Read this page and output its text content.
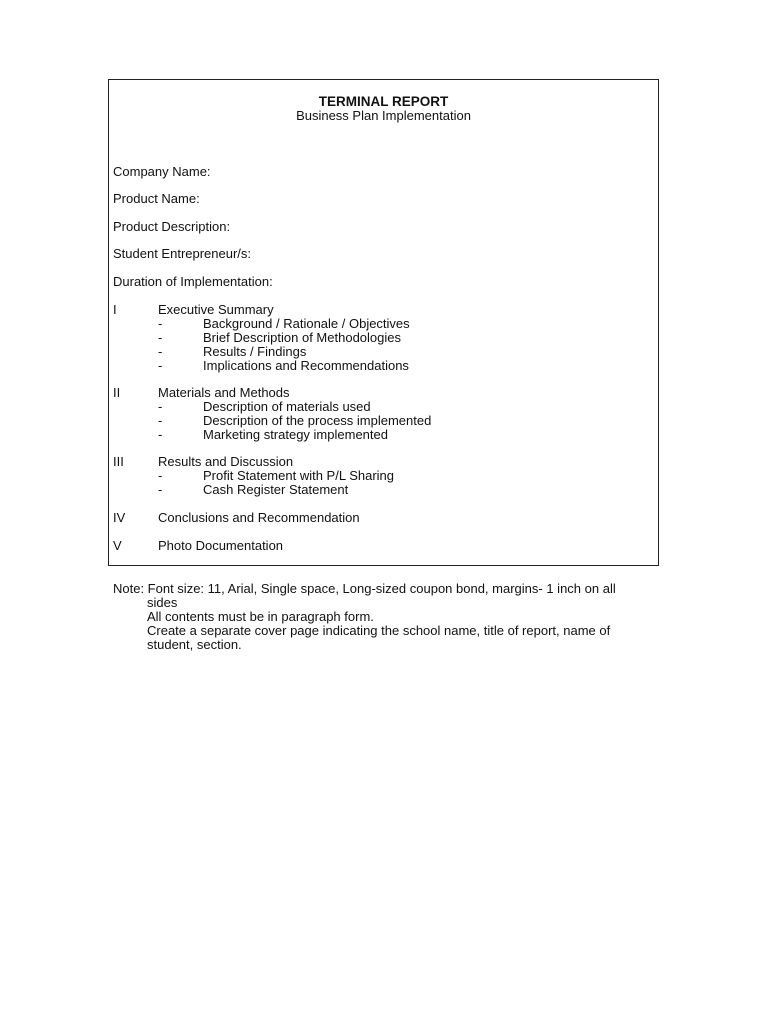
TERMINAL REPORT
Business Plan Implementation
Company Name:
Product Name:
Product Description:
Student Entrepreneur/s:
Duration of Implementation:
I	Executive Summary
-	Background / Rationale / Objectives
-	Brief Description of Methodologies
-	Results / Findings
-	Implications and Recommendations
II	Materials and Methods
-	Description of materials used
-	Description of the process implemented
-	Marketing strategy implemented
III	Results and Discussion
-	Profit Statement with P/L Sharing
-	Cash Register Statement
IV	Conclusions and Recommendation
V	Photo Documentation
Note: Font size: 11, Arial, Single space, Long-sized coupon bond, margins- 1 inch on all
sides
All contents must be in paragraph form.
Create a separate cover page indicating the school name, title of report, name of
student, section.
